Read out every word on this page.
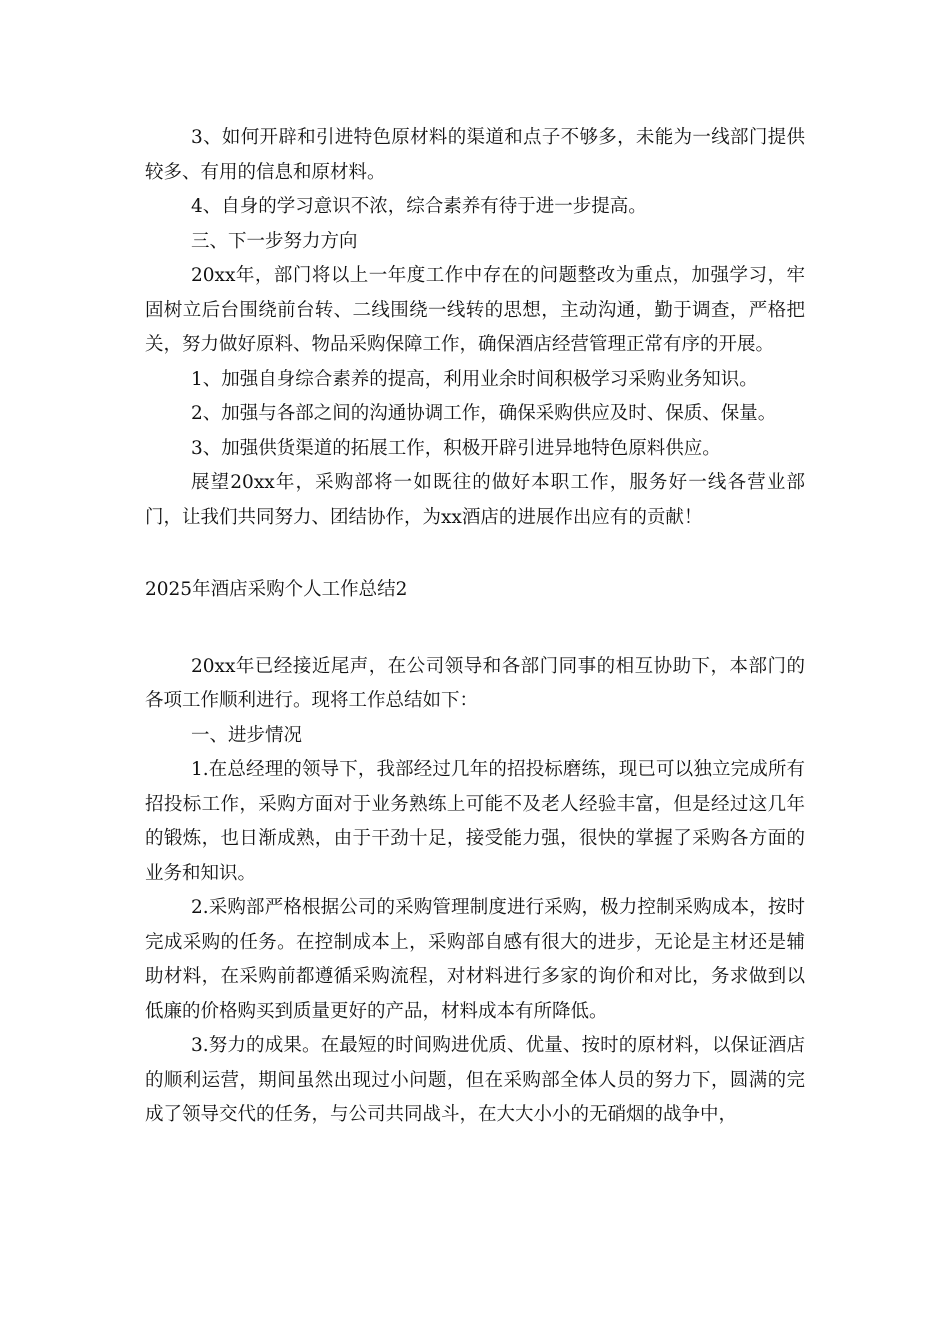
3、如何开辟和引进特色原材料的渠道和点子不够多，未能为一线部门提供较多、有用的信息和原材料。

4、自身的学习意识不浓，综合素养有待于进一步提高。

三、下一步努力方向

20xx年，部门将以上一年度工作中存在的问题整改为重点，加强学习，牢固树立后台围绕前台转、二线围绕一线转的思想，主动沟通，勤于调查，严格把关，努力做好原料、物品采购保障工作，确保酒店经营管理正常有序的开展。

1、加强自身综合素养的提高，利用业余时间积极学习采购业务知识。

2、加强与各部之间的沟通协调工作，确保采购供应及时、保质、保量。

3、加强供货渠道的拓展工作，积极开辟引进异地特色原料供应。

展望20xx年，采购部将一如既往的做好本职工作，服务好一线各营业部门，让我们共同努力、团结协作，为xx酒店的进展作出应有的贡献！

2025年酒店采购个人工作总结2

20xx年已经接近尾声，在公司领导和各部门同事的相互协助下，本部门的各项工作顺利进行。现将工作总结如下：

一、进步情况

1.在总经理的领导下，我部经过几年的招投标磨练，现已可以独立完成所有招投标工作，采购方面对于业务熟练上可能不及老人经验丰富，但是经过这几年的锻炼，也日渐成熟，由于干劲十足，接受能力强，很快的掌握了采购各方面的业务和知识。

2.采购部严格根据公司的采购管理制度进行采购，极力控制采购成本，按时完成采购的任务。在控制成本上，采购部自感有很大的进步，无论是主材还是辅助材料，在采购前都遵循采购流程，对材料进行多家的询价和对比，务求做到以低廉的价格购买到质量更好的产品，材料成本有所降低。

3.努力的成果。在最短的时间购进优质、优量、按时的原材料，以保证酒店的顺利运营，期间虽然出现过小问题，但在采购部全体人员的努力下，圆满的完成了领导交代的任务，与公司共同战斗，在大大小小的无硝烟的战争中，
